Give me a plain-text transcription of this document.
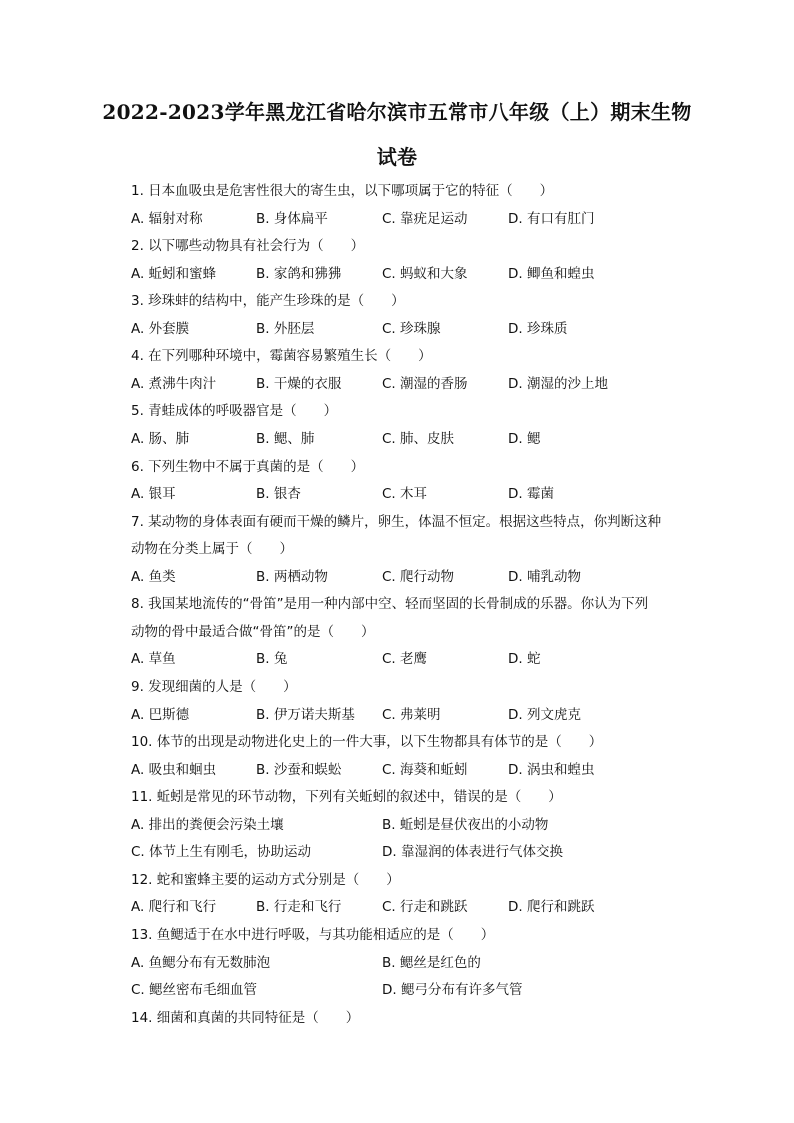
2022-2023学年黑龙江省哈尔滨市五常市八年级（上）期末生物
试卷
1. 日本血吸虫是危害性很大的寄生虫，以下哪项属于它的特征（　　）
A. 辐射对称	B. 身体扁平	C. 靠疣足运动	D. 有口有肛门
2. 以下哪些动物具有社会行为（　　）
A. 蚯蚓和蜜蜂	B. 家鸽和狒狒	C. 蚂蚁和大象	D. 鲫鱼和蝗虫
3. 珍珠蚌的结构中，能产生珍珠的是（　　）
A. 外套膜	B. 外胚层	C. 珍珠腺	D. 珍珠质
4. 在下列哪种环境中，霉菌容易繁殖生长（　　）
A. 煮沸牛肉汁	B. 干燥的衣服	C. 潮湿的香肠	D. 潮湿的沙上地
5. 青蛙成体的呼吸器官是（　　）
A. 肠、肺	B. 鳃、肺	C. 肺、皮肤	D. 鳃
6. 下列生物中不属于真菌的是（　　）
A. 银耳	B. 银杏	C. 木耳	D. 霉菌
7. 某动物的身体表面有硬而干燥的鳞片，卵生，体温不恒定。根据这些特点，你判断这种
动物在分类上属于（　　）
A. 鱼类	B. 两栖动物	C. 爬行动物	D. 哺乳动物
8. 我国某地流传的“骨笛”是用一种内部中空、轻而坚固的长骨制成的乐器。你认为下列
动物的骨中最适合做“骨笛”的是（　　）
A. 草鱼	B. 兔	C. 老鹰	D. 蛇
9. 发现细菌的人是（　　）
A. 巴斯德	B. 伊万诺夫斯基 C. 弗莱明	D. 列文虎克
10. 体节的出现是动物进化史上的一件大事，以下生物都具有体节的是（　　）
A. 吸虫和蛔虫	B. 沙蚕和蜈蚣	C. 海葵和蚯蚓	D. 涡虫和蝗虫
11. 蚯蚓是常见的环节动物，下列有关蚯蚓的叙述中，错误的是（　　）
A. 排出的粪便会污染土壤	B. 蚯蚓是昼伏夜出的小动物
C. 体节上生有刚毛，协助运动	D. 靠湿润的体表进行气体交换
12. 蛇和蜜蜂主要的运动方式分别是（　　）
A. 爬行和飞行	B. 行走和飞行	C. 行走和跳跃	D. 爬行和跳跃
13. 鱼鳃适于在水中进行呼吸，与其功能相适应的是（　　）
A. 鱼鳃分布有无数肺泡	B. 鳃丝是红色的
C. 鳃丝密布毛细血管	D. 鳃弓分布有许多气管
14. 细菌和真菌的共同特征是（　　）
